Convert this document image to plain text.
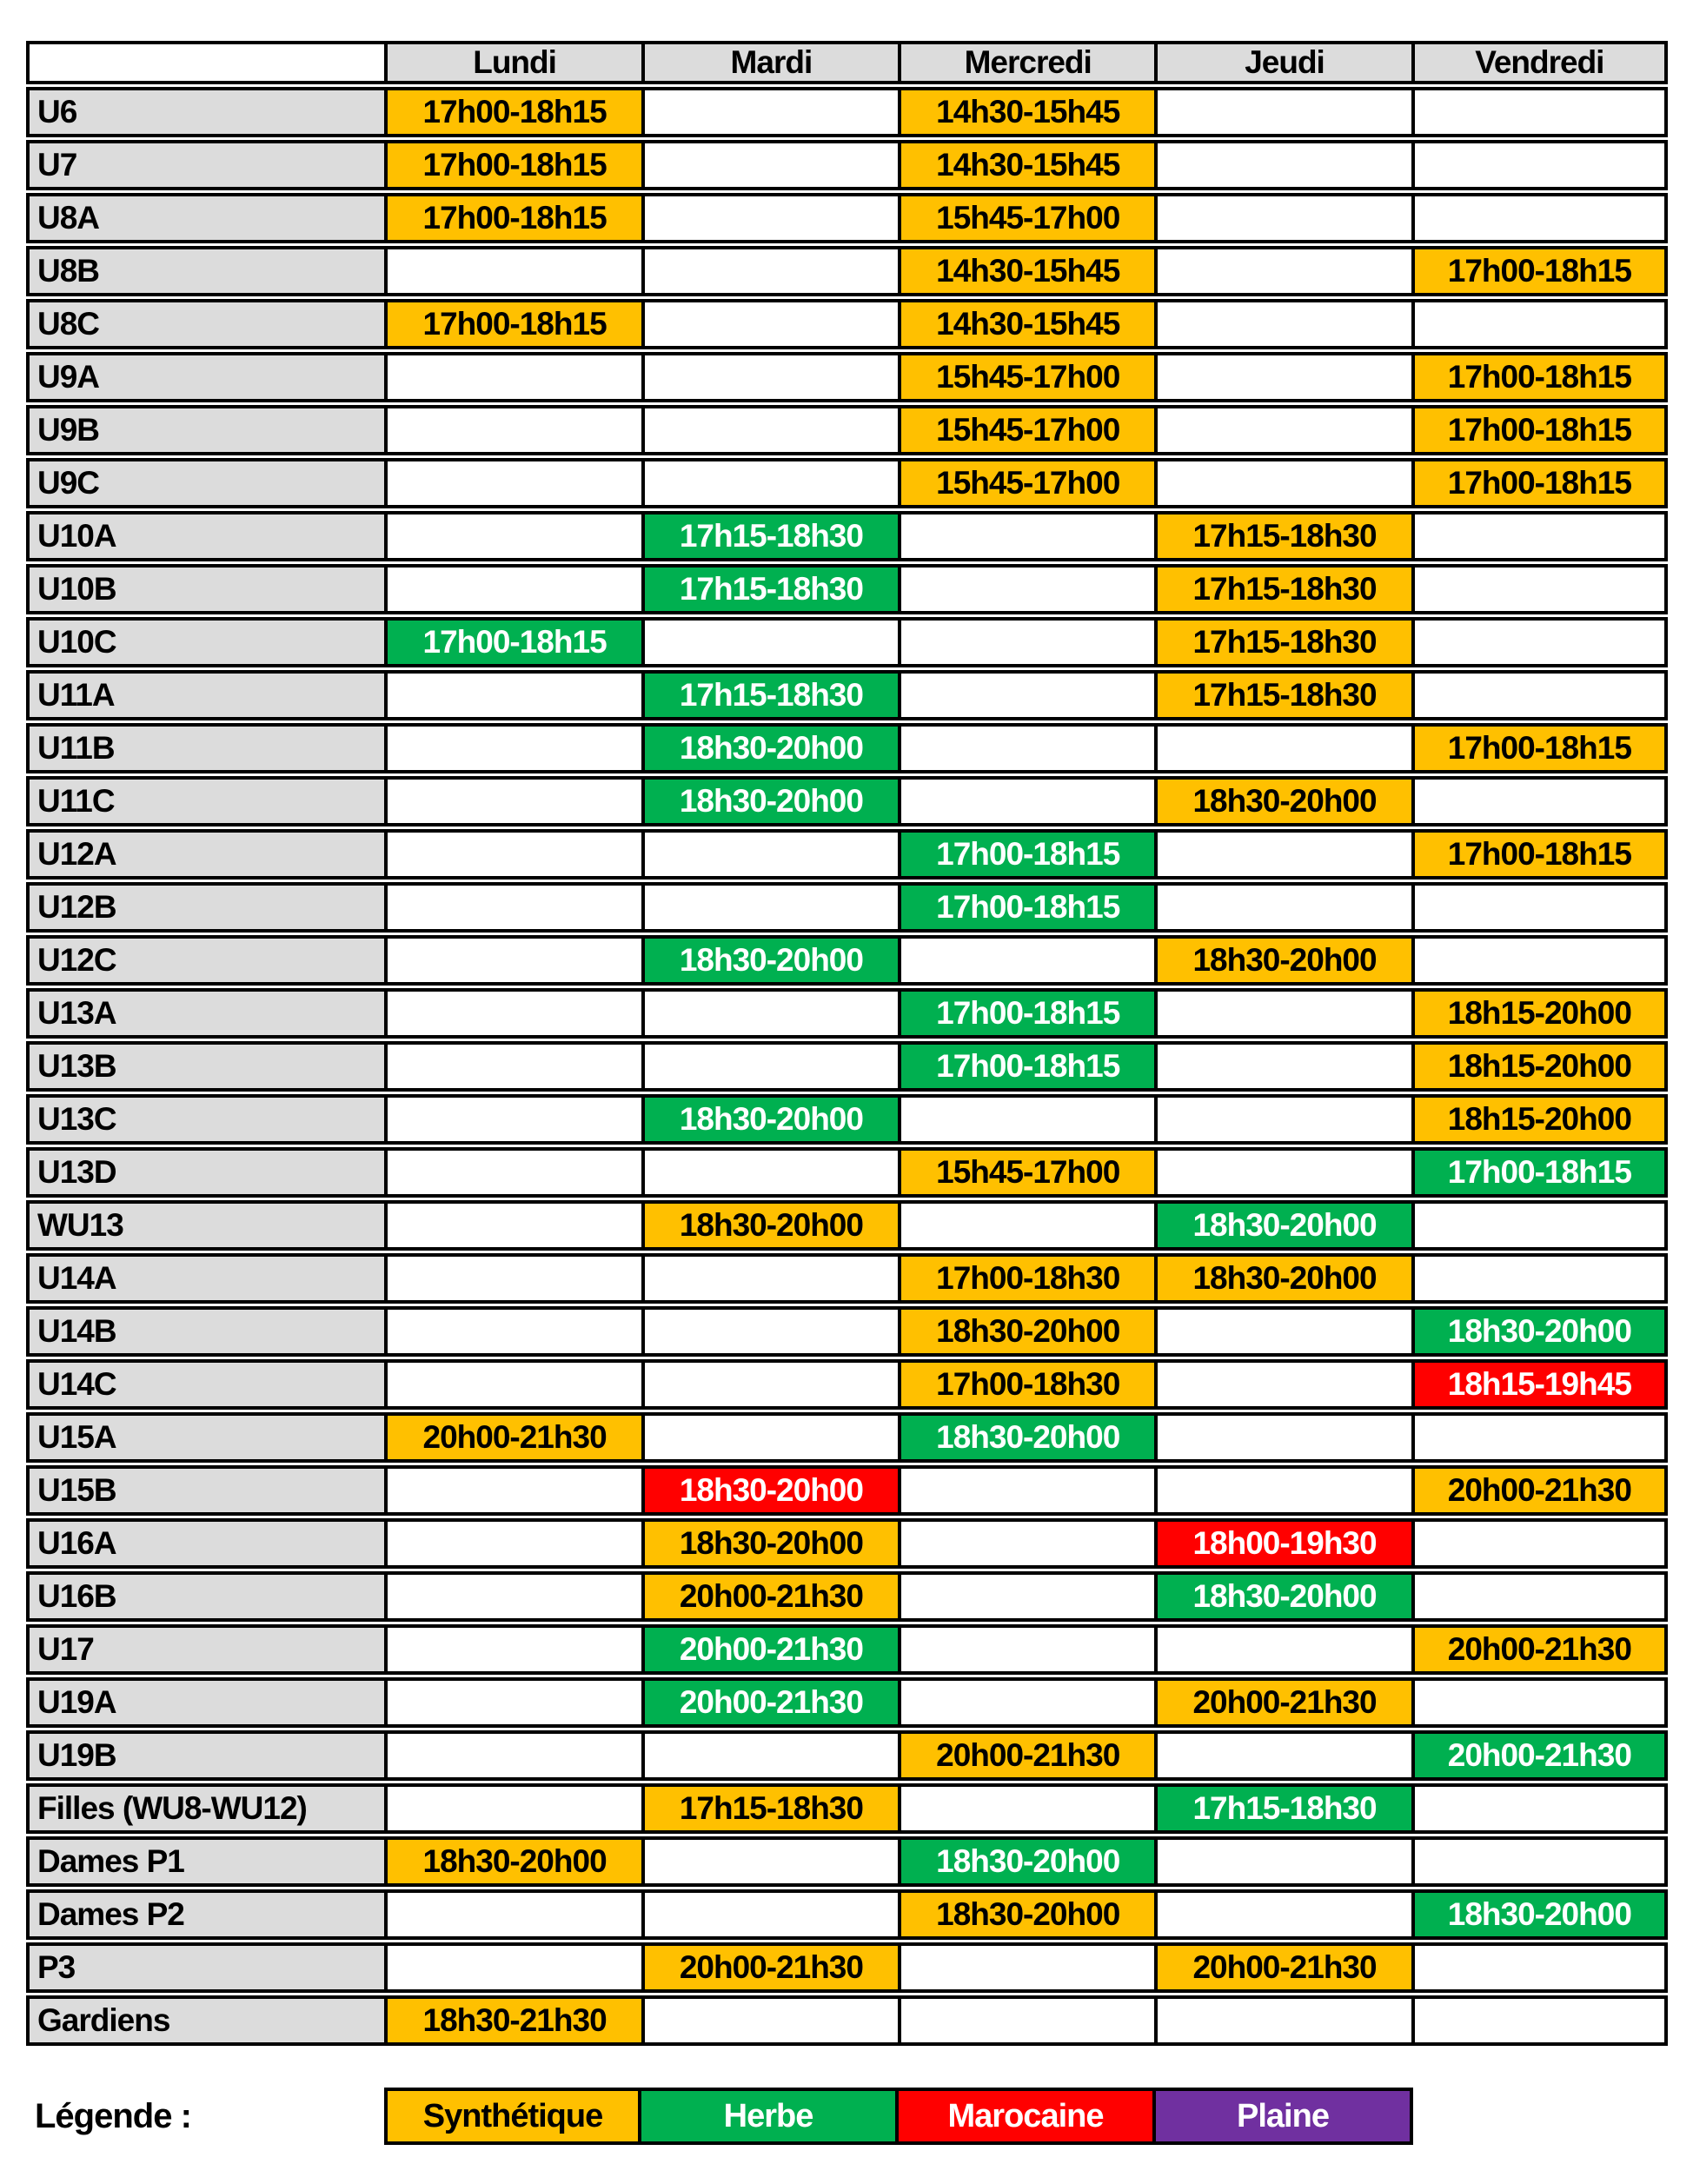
	Lundi	Mardi	Mercredi	Jeudi	Vendredi
U6	17h00-18h15		14h30-15h45		
U7	17h00-18h15		14h30-15h45		
U8A	17h00-18h15		15h45-17h00		
U8B			14h30-15h45		17h00-18h15
U8C	17h00-18h15		14h30-15h45		
U9A			15h45-17h00		17h00-18h15
U9B			15h45-17h00		17h00-18h15
U9C			15h45-17h00		17h00-18h15
U10A		17h15-18h30		17h15-18h30	
U10B		17h15-18h30		17h15-18h30	
U10C	17h00-18h15			17h15-18h30	
U11A		17h15-18h30		17h15-18h30	
U11B		18h30-20h00			17h00-18h15
U11C		18h30-20h00		18h30-20h00	
U12A			17h00-18h15		17h00-18h15
U12B			17h00-18h15		
U12C		18h30-20h00		18h30-20h00	
U13A			17h00-18h15		18h15-20h00
U13B			17h00-18h15		18h15-20h00
U13C		18h30-20h00			18h15-20h00
U13D			15h45-17h00		17h00-18h15
WU13		18h30-20h00		18h30-20h00	
U14A			17h00-18h30	18h30-20h00	
U14B			18h30-20h00		18h30-20h00
U14C			17h00-18h30		18h15-19h45
U15A	20h00-21h30		18h30-20h00		
U15B		18h30-20h00			20h00-21h30
U16A		18h30-20h00		18h00-19h30	
U16B		20h00-21h30		18h30-20h00	
U17		20h00-21h30			20h00-21h30
U19A		20h00-21h30		20h00-21h30	
U19B			20h00-21h30		20h00-21h30
Filles (WU8-WU12)		17h15-18h30		17h15-18h30	
Dames P1	18h30-20h00		18h30-20h00		
Dames P2			18h30-20h00		18h30-20h00
P3		20h00-21h30		20h00-21h30	
Gardiens	18h30-21h30				
Légende :	Synthétique	Herbe	Marocaine	Plaine
